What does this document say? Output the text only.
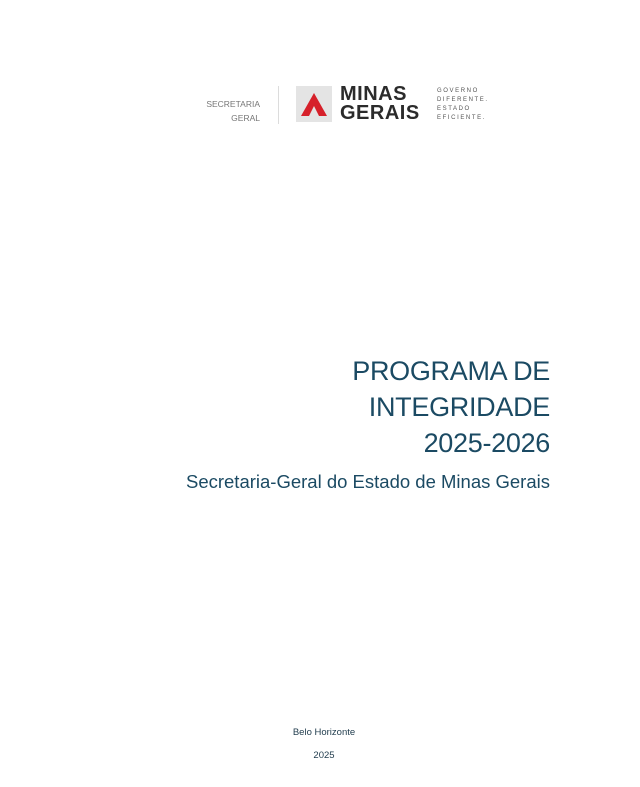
SECRETARIA
GERAL
MINAS
GERAIS
GOVERNO
DIFERENTE.
ESTADO
EFICIENTE.
PROGRAMA DE
INTEGRIDADE
2025-2026
Secretaria-Geral do Estado de Minas Gerais
Belo Horizonte
2025
